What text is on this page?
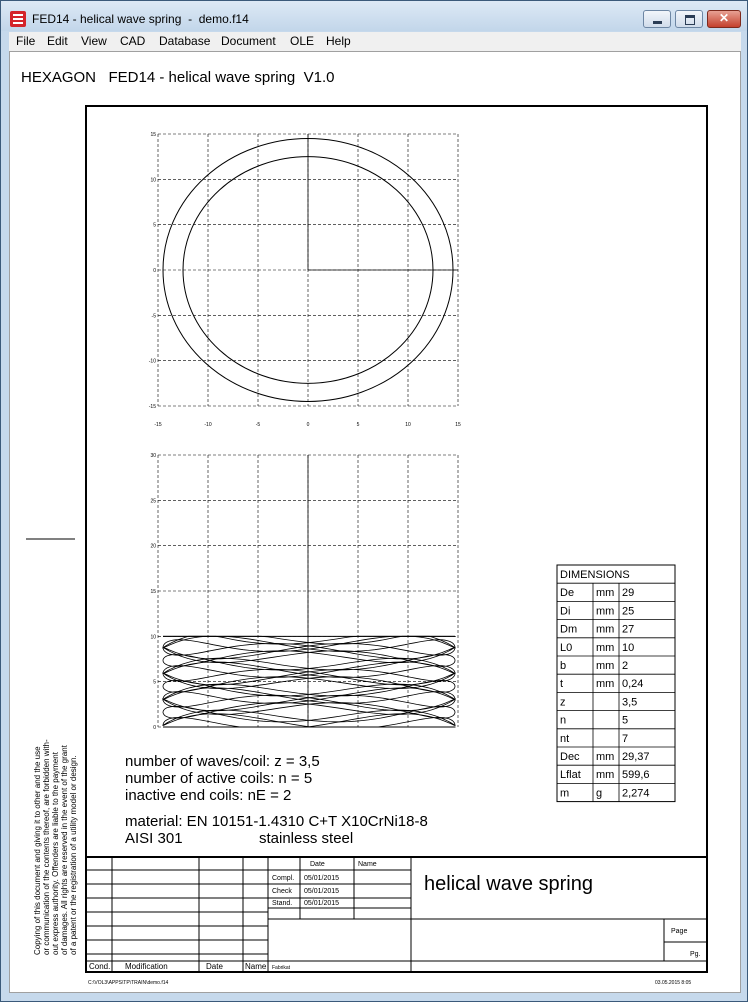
FED14 - helical wave spring  -  demo.f14
✕
File Edit View CAD Database Document OLE Help
HEXAGON   FED14 - helical wave spring  V1.0
-15	-10	-5	0	5	10	15
15
10
5
0
-5
-10
-15
30
25
20
15
10
5
0
DIMENSIONS
De mm 29
Di mm 25
Dm mm 27
L0 mm 10
b	mm 2
t	mm 0,24
z	3,5
n	5
nt	7
Dec mm 29,37
Lflat mm 599,6
m g 2,274
number of waves/coil: z = 3,5
number of active coils: n = 5
inactive end coils: nE = 2
material: EN 10151-1.4310 C+T X10CrNi18-8
AISI 301	stainless steel
Date	Name
Compl. 05/01/2015
Check 05/01/2015
Stand. 05/01/2015
helical wave spring
Page
Pg.
Cond. Modification	Date	Name Fabrikat
C:\VOL3\APPS\TP\TRAIN\demo.f14	03.05.2015 8:05
Copying of this document and giving it to other and the use or communication of the contents thereof, are forbidden with- out express authority. Offenders are liable to the payment of damages. All rights are reserved in the event of the grant of a patent or the registration of a utility model or design.
